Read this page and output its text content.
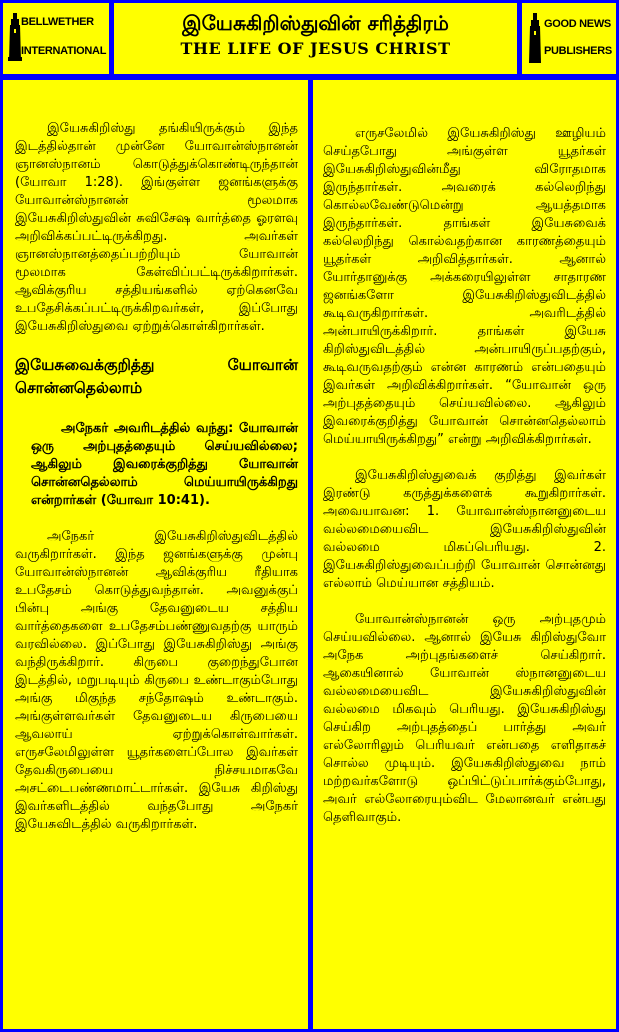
BELLWETHER
INTERNATIONAL
இயேசுகிறிஸ்துவின் சரித்திரம்
THE LIFE OF JESUS CHRIST
GOOD NEWS
PUBLISHERS

இயேசுகிறிஸ்து தங்கியிருக்கும் இந்த இடத்தில்தான் முன்னே யோவான்ஸ்நானன் ஞானஸ்நானம் கொடுத்துக்கொண்டிருந்தான் (யோவா 1:28). இங்குள்ள ஜனங்களுக்கு யோவான்ஸ்நானன் மூலமாக இயேசுகிறிஸ்துவின் சுவிசேஷ வார்த்தை ஓரளவு அறிவிக்கப்பட்டிருக்கிறது. அவர்கள் ஞானஸ்நானத்தைப்பற்றியும் யோவான் மூலமாக கேள்விப்பட்டிருக்கிறார்கள். ஆவிக்குரிய சத்தியங்களில் ஏற்கெனவே உபதேசிக்கப்பட்டிருக்கிறவர்கள், இப்போது இயேசுகிறிஸ்துவை ஏற்றுக்கொள்கிறார்கள்.

இயேசுவைக்குறித்து யோவான் சொன்னதெல்லாம்

அநேகர் அவரிடத்தில் வந்து: யோவான் ஒரு அற்புதத்தையும் செய்யவில்லை; ஆகிலும் இவரைக்குறித்து யோவான் சொன்னதெல்லாம் மெய்யாயிருக்கிறது என்றார்கள் (யோவா 10:41).

அநேகர் இயேசுகிறிஸ்துவிடத்தில் வருகிறார்கள். இந்த ஜனங்களுக்கு முன்பு யோவான்ஸ்நானன் ஆவிக்குரிய ரீதியாக உபதேசம் கொடுத்துவந்தான். அவனுக்குப் பின்பு அங்கு தேவனுடைய சத்திய வார்த்தைகளை உபதேசம்பண்ணுவதற்கு யாரும் வரவில்லை. இப்போது இயேசுகிறிஸ்து அங்கு வந்திருக்கிறார். கிருபை குறைந்துபோன இடத்தில், மறுபடியும் கிருபை உண்டாகும்போது அங்கு மிகுந்த சந்தோஷம் உண்டாகும். அங்குள்ளவர்கள் தேவனுடைய கிருபையை ஆவலாய் ஏற்றுக்கொள்வார்கள். எருசலேமிலுள்ள யூதர்களைப்போல இவர்கள் தேவகிருபையை நிச்சயமாகவே அசட்டைபண்ணமாட்டார்கள். இயேசு கிறிஸ்து இவர்களிடத்தில் வந்தபோது அநேகர் இயேசுவிடத்தில் வருகிறார்கள்.

எருசலேமில் இயேசுகிறிஸ்து ஊழியம் செய்தபோது அங்குள்ள யூதர்கள் இயேசுகிறிஸ்துவின்மீது விரோதமாக இருந்தார்கள். அவரைக் கல்லெறிந்து கொல்லவேண்டுமென்று ஆயத்தமாக இருந்தார்கள். தாங்கள் இயேசுவைக் கல்லெறிந்து கொல்வதற்கான காரணத்தையும் யூதர்கள் அறிவித்தார்கள். ஆனால் யோர்தானுக்கு அக்கரையிலுள்ள சாதாரண ஜனங்களோ இயேசுகிறிஸ்துவிடத்தில் கூடிவருகிறார்கள். அவரிடத்தில் அன்பாயிருக்கிறார். தாங்கள் இயேசு கிறிஸ்துவிடத்தில் அன்பாயிருப்பதற்கும், கூடிவருவதற்கும் என்ன காரணம் என்பதையும் இவர்கள் அறிவிக்கிறார்கள். “யோவான் ஒரு அற்புதத்தையும் செய்யவில்லை. ஆகிலும் இவரைக்குறித்து யோவான் சொன்னதெல்லாம் மெய்யாயிருக்கிறது” என்று அறிவிக்கிறார்கள்.

இயேசுகிறிஸ்துவைக் குறித்து இவர்கள் இரண்டு கருத்துக்களைக் கூறுகிறார்கள். அவையாவன: 1. யோவான்ஸ்நானனுடைய வல்லமையைவிட இயேசுகிறிஸ்துவின் வல்லமை மிகப்பெரியது. 2. இயேசுகிறிஸ்துவைப்பற்றி யோவான் சொன்னது எல்லாம் மெய்யான சத்தியம்.

யோவான்ஸ்நானன் ஒரு அற்புதமும் செய்யவில்லை. ஆனால் இயேசு கிறிஸ்துவோ அநேக அற்புதங்களைச் செய்கிறார். ஆகையினால் யோவான் ஸ்நானனுடைய வல்லமையைவிட இயேசுகிறிஸ்துவின் வல்லமை மிகவும் பெரியது. இயேசுகிறிஸ்து செய்கிற அற்புதத்தைப் பார்த்து அவர் எல்லோரிலும் பெரியவர் என்பதை எளிதாகச் சொல்ல முடியும். இயேசுகிறிஸ்துவை நாம் மற்றவர்களோடு ஒப்பிட்டுப்பார்க்கும்போது, அவர் எல்லோரையும்விட மேலானவர் என்பது தெளிவாகும்.
